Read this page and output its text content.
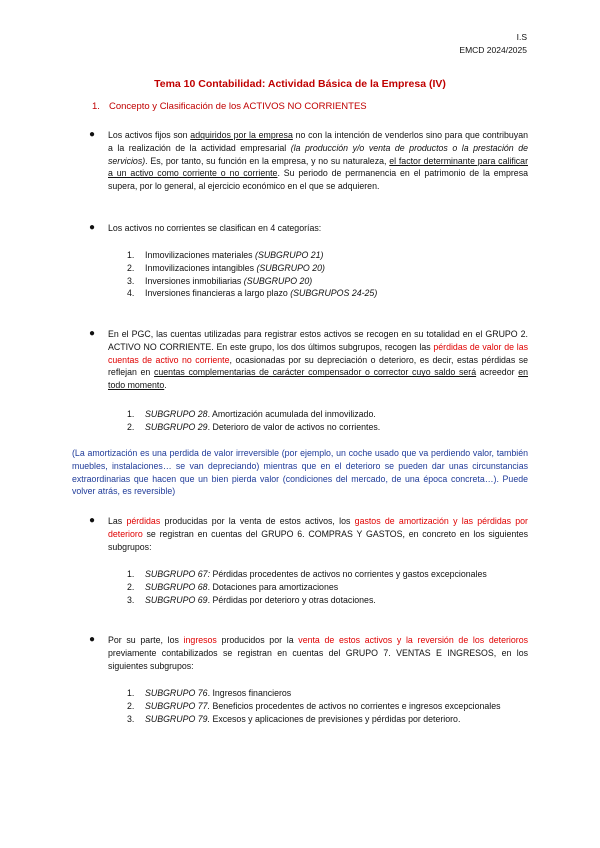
I.S
EMCD 2024/2025
Tema 10 Contabilidad: Actividad Básica de la Empresa (IV)
1. Concepto y Clasificación de los ACTIVOS NO CORRIENTES
● Los activos fijos son adquiridos por la empresa no con la intención de venderlos sino para que contribuyan a la realización de la actividad empresarial (la producción y/o venta de productos o la prestación de servicios). Es, por tanto, su función en la empresa, y no su naturaleza, el factor determinante para calificar a un activo como corriente o no corriente. Su periodo de permanencia en el patrimonio de la empresa supera, por lo general, al ejercicio económico en el que se adquieren.
● Los activos no corrientes se clasifican en 4 categorías:
1. Inmovilizaciones materiales (SUBGRUPO 21)
2. Inmovilizaciones intangibles (SUBGRUPO 20)
3. Inversiones inmobiliarias (SUBGRUPO 20)
4. Inversiones financieras a largo plazo (SUBGRUPOS 24-25)
● En el PGC, las cuentas utilizadas para registrar estos activos se recogen en su totalidad en el GRUPO 2. ACTIVO NO CORRIENTE. En este grupo, los dos últimos subgrupos, recogen las pérdidas de valor de las cuentas de activo no corriente, ocasionadas por su depreciación o deterioro, es decir, estas pérdidas se reflejan en cuentas complementarias de carácter compensador o corrector cuyo saldo será acreedor en todo momento.
1. SUBGRUPO 28. Amortización acumulada del inmovilizado.
2. SUBGRUPO 29. Deterioro de valor de activos no corrientes.
(La amortización es una perdida de valor irreversible (por ejemplo, un coche usado que va perdiendo valor, también muebles, instalaciones… se van depreciando) mientras que en el deterioro se pueden dar unas circunstancias extraordinarias que hacen que un bien pierda valor (condiciones del mercado, de una época concreta…). Puede volver atrás, es reversible)
● Las pérdidas producidas por la venta de estos activos, los gastos de amortización y las pérdidas por deterioro se registran en cuentas del GRUPO 6. COMPRAS Y GASTOS, en concreto en los siguientes subgrupos:
1. SUBGRUPO 67: Pérdidas procedentes de activos no corrientes y gastos excepcionales
2. SUBGRUPO 68. Dotaciones para amortizaciones
3. SUBGRUPO 69. Pérdidas por deterioro y otras dotaciones.
● Por su parte, los ingresos producidos por la venta de estos activos y la reversión de los deterioros previamente contabilizados se registran en cuentas del GRUPO 7. VENTAS E INGRESOS, en los siguientes subgrupos:
1. SUBGRUPO 76. Ingresos financieros
2. SUBGRUPO 77. Beneficios procedentes de activos no corrientes e ingresos excepcionales
3. SUBGRUPO 79. Excesos y aplicaciones de previsiones y pérdidas por deterioro.
